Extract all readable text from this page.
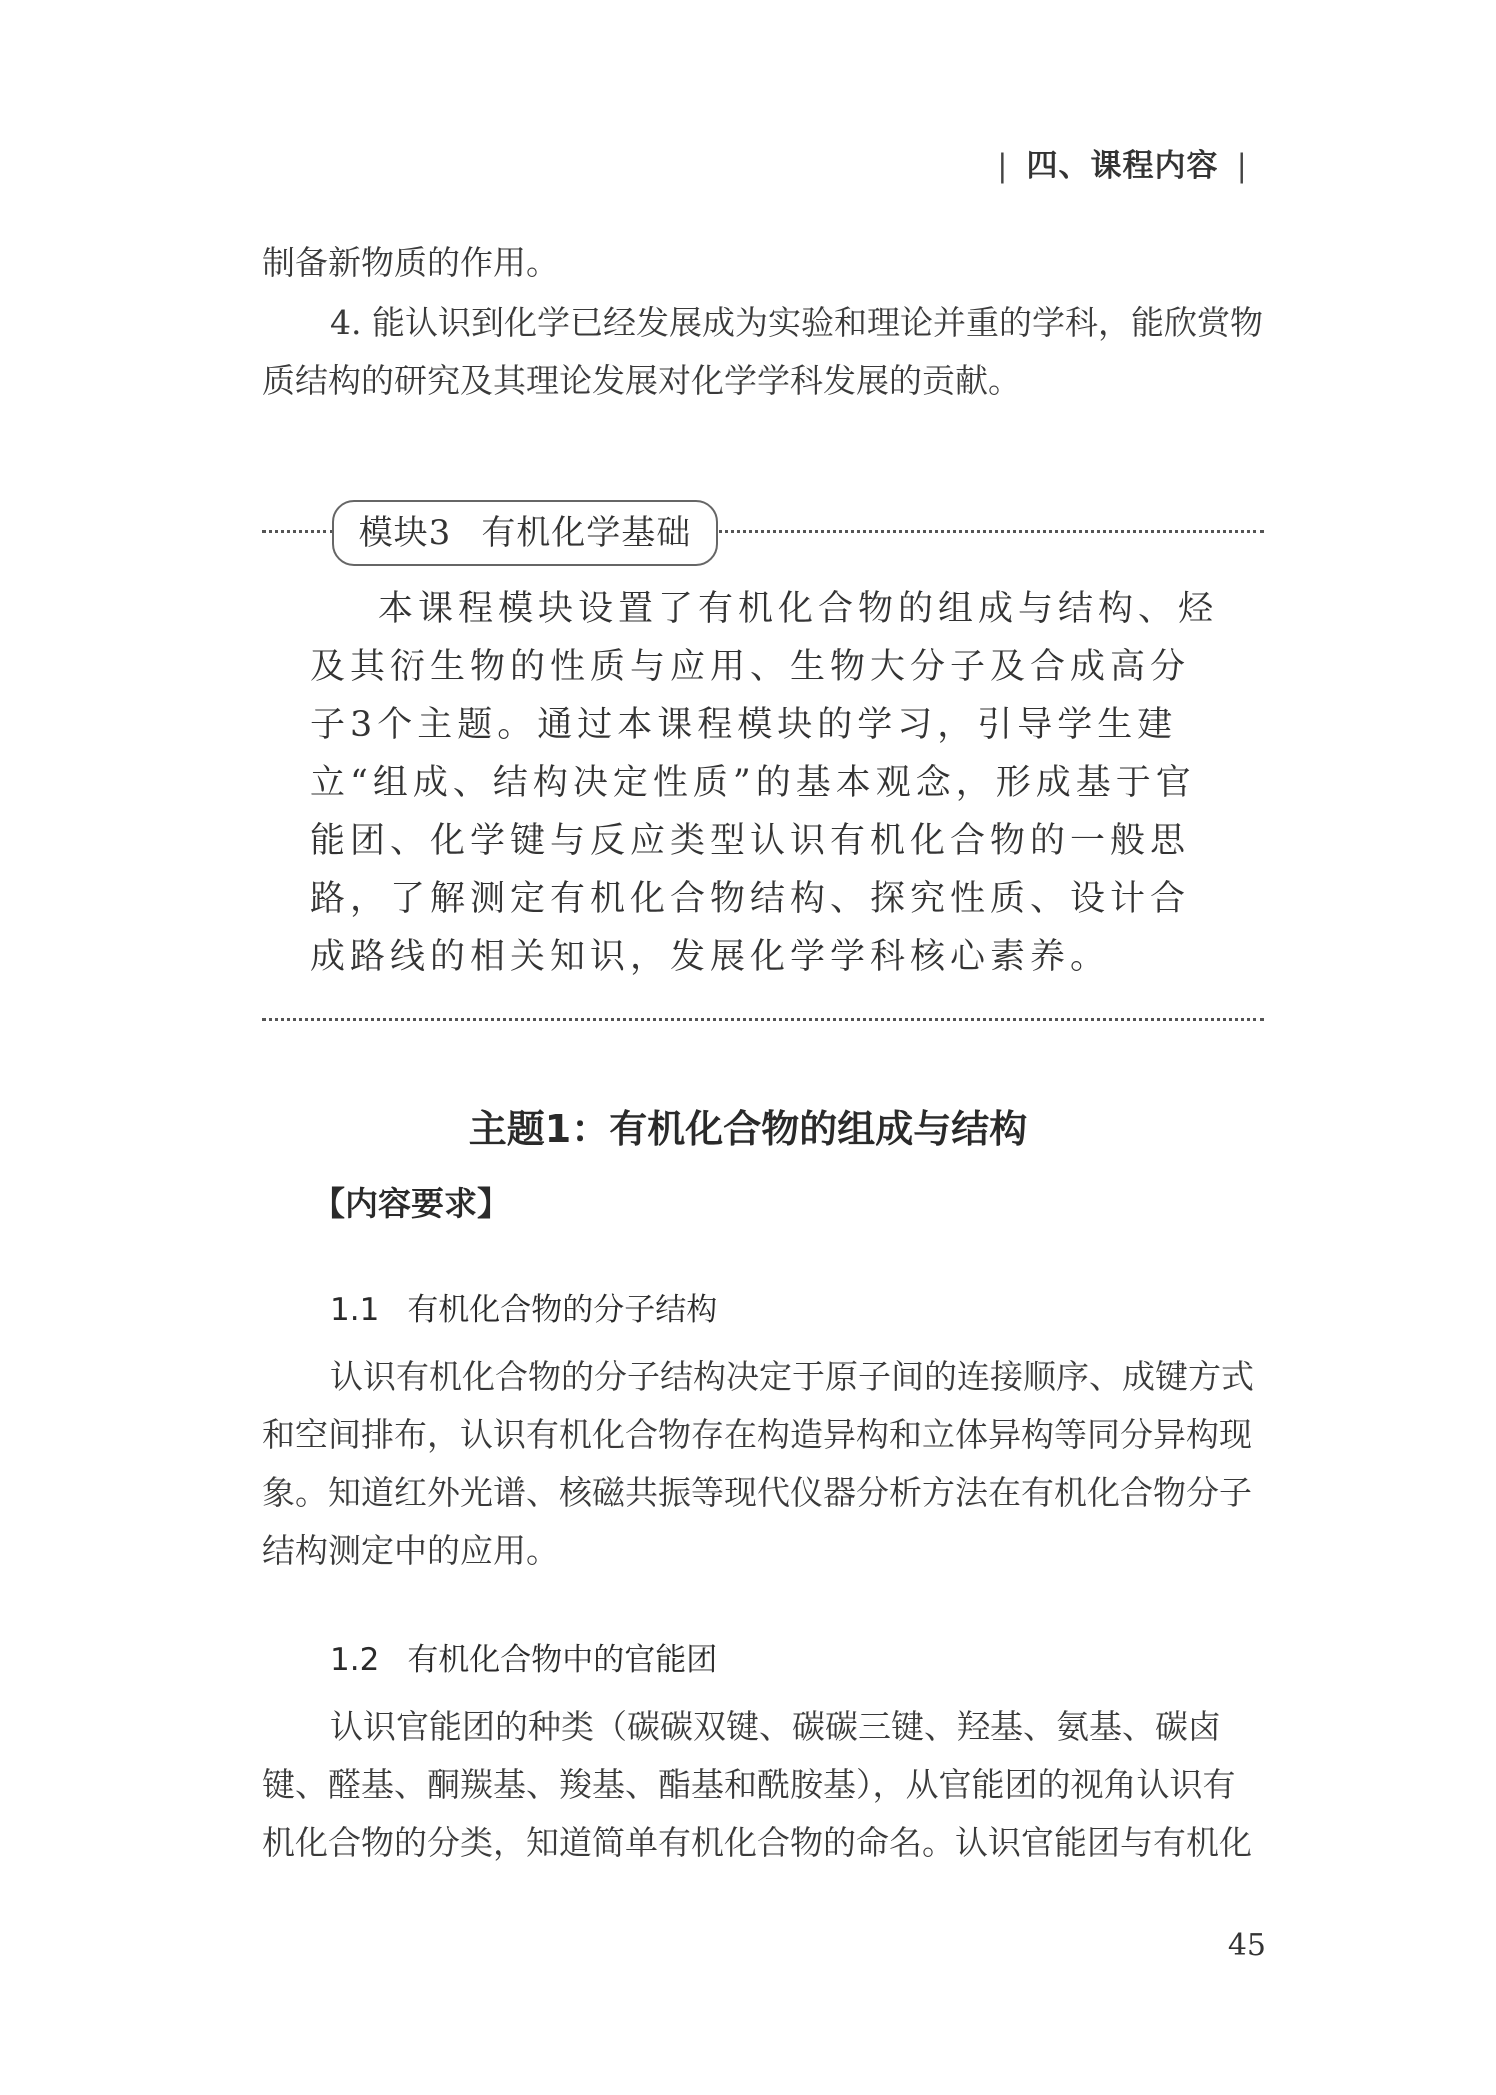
| 四、课程内容 |
制备新物质的作用。
4. 能认识到化学已经发展成为实验和理论并重的学科，能欣赏物质结构的研究及其理论发展对化学学科发展的贡献。
模块3 有机化学基础
本课程模块设置了有机化合物的组成与结构、烃及其衍生物的性质与应用、生物大分子及合成高分子3个主题。通过本课程模块的学习，引导学生建立“组成、结构决定性质”的基本观念，形成基于官能团、化学键与反应类型认识有机化合物的一般思路，了解测定有机化合物结构、探究性质、设计合成路线的相关知识，发展化学学科核心素养。
主题1：有机化合物的组成与结构
【内容要求】
1.1 有机化合物的分子结构
认识有机化合物的分子结构决定于原子间的连接顺序、成键方式和空间排布，认识有机化合物存在构造异构和立体异构等同分异构现象。知道红外光谱、核磁共振等现代仪器分析方法在有机化合物分子结构测定中的应用。
1.2 有机化合物中的官能团
认识官能团的种类（碳碳双键、碳碳三键、羟基、氨基、碳卤键、醛基、酮羰基、羧基、酯基和酰胺基），从官能团的视角认识有机化合物的分类，知道简单有机化合物的命名。认识官能团与有机化
45
